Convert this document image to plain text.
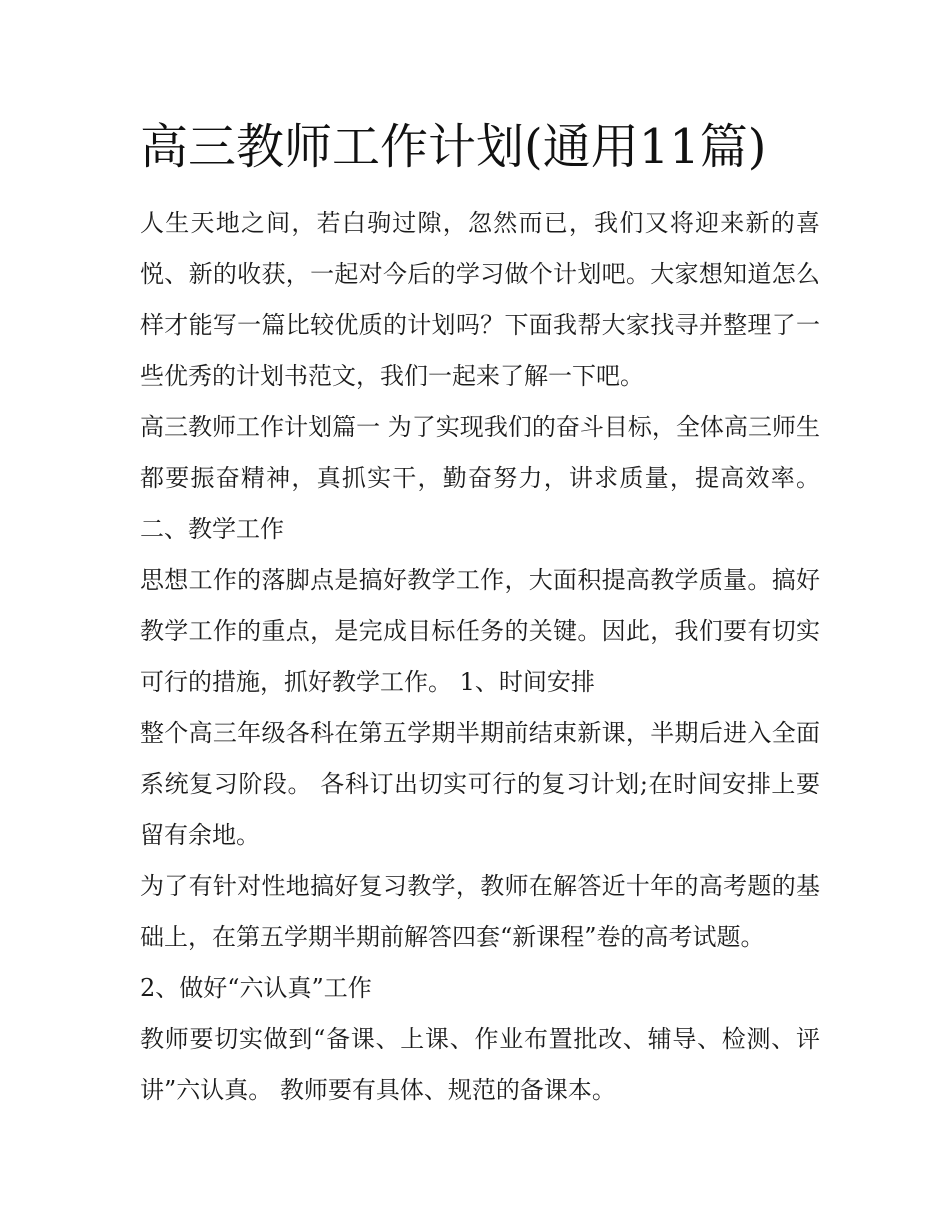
高三教师工作计划(通用11篇)

人生天地之间，若白驹过隙，忽然而已，我们又将迎来新的喜悦、新的收获，一起对今后的学习做个计划吧。大家想知道怎么样才能写一篇比较优质的计划吗？下面我帮大家找寻并整理了一些优秀的计划书范文，我们一起来了解一下吧。

高三教师工作计划篇一 为了实现我们的奋斗目标，全体高三师生都要振奋精神，真抓实干，勤奋努力，讲求质量，提高效率。 二、教学工作

思想工作的落脚点是搞好教学工作，大面积提高教学质量。搞好教学工作的重点，是完成目标任务的关键。因此，我们要有切实可行的措施，抓好教学工作。 1、时间安排

整个高三年级各科在第五学期半期前结束新课，半期后进入全面系统复习阶段。 各科订出切实可行的复习计划;在时间安排上要留有余地。

为了有针对性地搞好复习教学，教师在解答近十年的高考题的基础上，在第五学期半期前解答四套“新课程”卷的高考试题。

2、做好“六认真”工作

教师要切实做到“备课、上课、作业布置批改、辅导、检测、评讲”六认真。 教师要有具体、规范的备课本。
